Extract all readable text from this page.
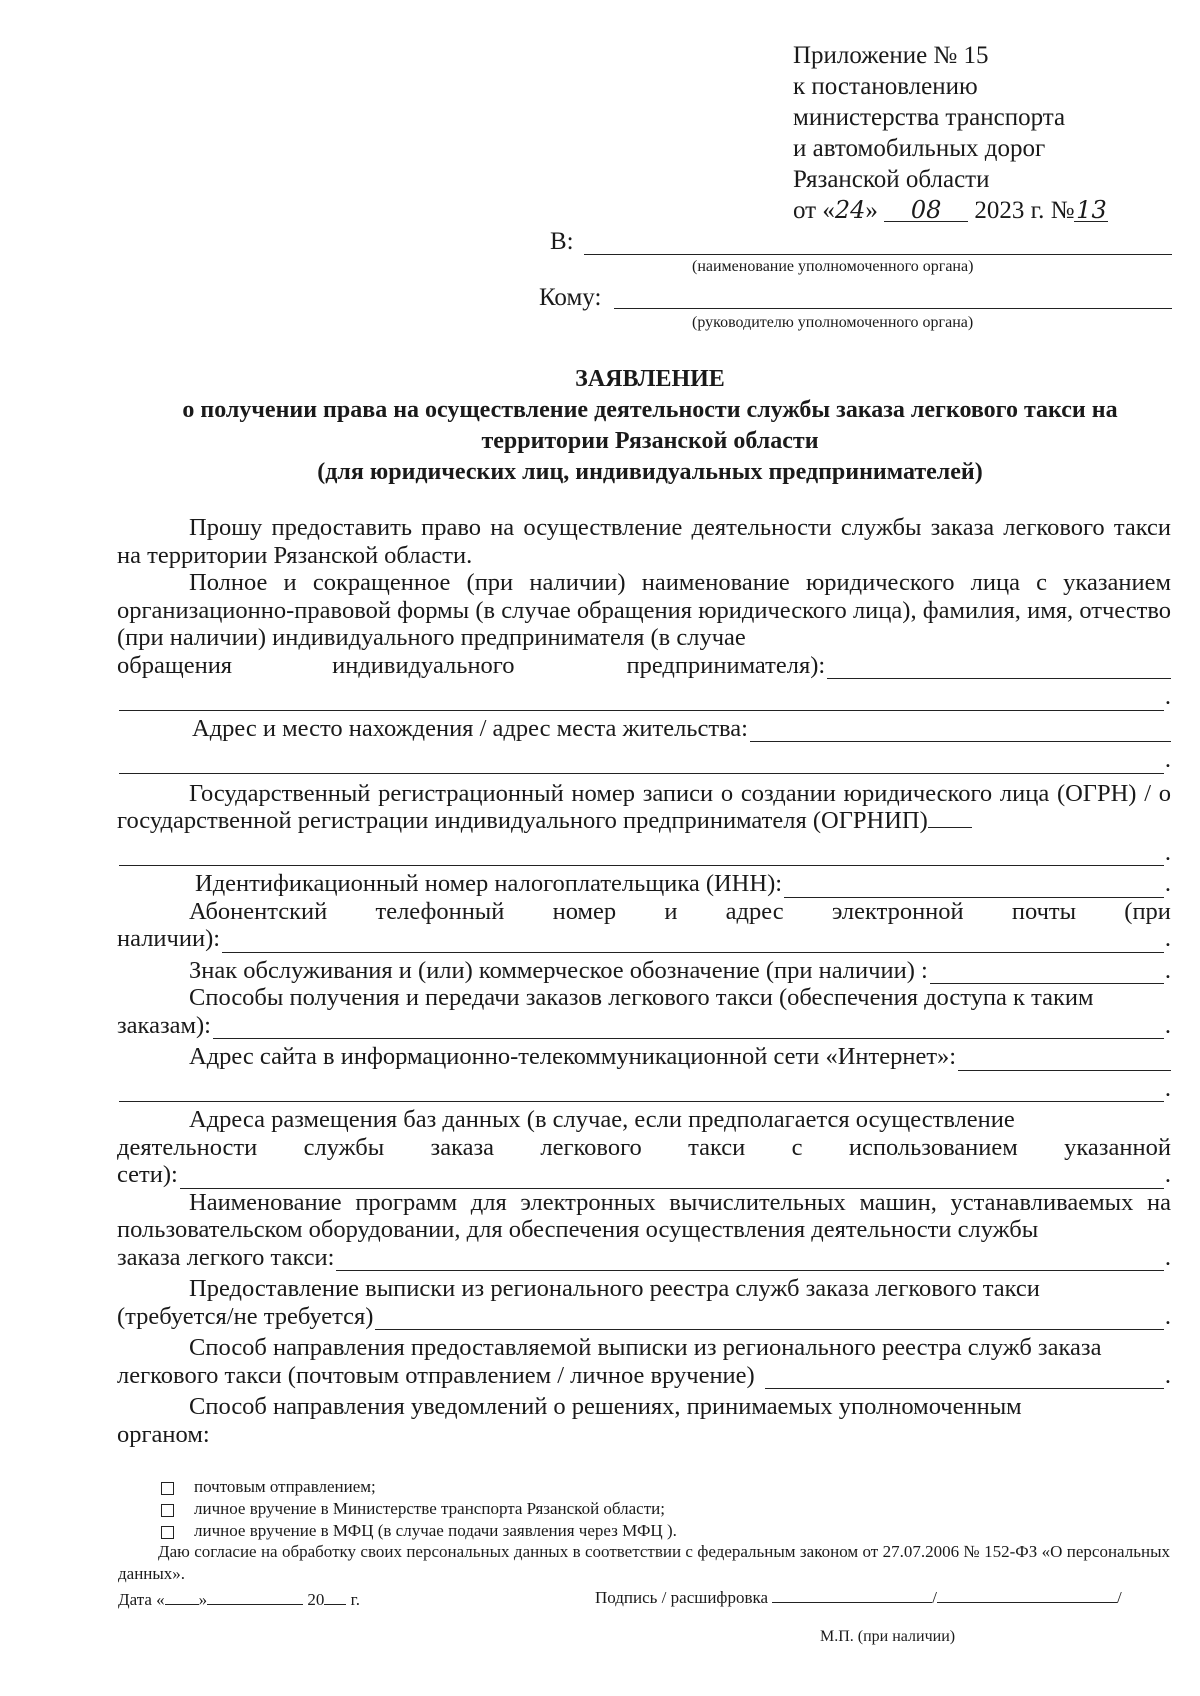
Приложение № 15
к постановлению
министерства транспорта
и автомобильных дорог
Рязанской области
от «24» 08 2023 г. №13
В:
(наименование уполномоченного органа)
Кому:
(руководителю уполномоченного органа)
ЗАЯВЛЕНИЕ
о получении права на осуществление деятельности службы заказа легкового такси на
территории Рязанской области
(для юридических лиц, индивидуальных предпринимателей)

Прошу предоставить право на осуществление деятельности службы заказа легкового такси на территории Рязанской области.

Полное и сокращенное (при наличии) наименование юридического лица с указанием организационно-правовой формы (в случае обращения юридического лица), фамилия, имя, отчество (при наличии) индивидуального предпринимателя (в случае

обращения	индивидуального	предпринимателя):
.
Адрес и место нахождения / адрес места жительства:
.

Государственный регистрационный номер записи о создании юридического лица (ОГРН) / о государственной регистрации индивидуального предпринимателя (ОГРНИП)

.
Идентификационный номер налогоплательщика (ИНН):	.
Абонентский телефонный номер и адрес электронной почты (при
наличии):	.
Знак обслуживания и (или) коммерческое обозначение (при наличии) :	.
Способы получения и передачи заказов легкового такси (обеспечения доступа к таким
заказам):	.
Адрес сайта в информационно-телекоммуникационной сети «Интернет»:
.
Адреса размещения баз данных (в случае, если предполагается осуществление
деятельности службы заказа легкового такси с использованием указанной
сети):	.

Наименование программ для электронных вычислительных машин, устанавливаемых на пользовательском оборудовании, для обеспечения осуществления деятельности службы

заказа легкого такси:	.
Предоставление выписки из регионального реестра служб заказа легкового такси
(требуется/не требуется)	.
Способ направления предоставляемой выписки из регионального реестра служб заказа
легкового такси (почтовым отправлением / личное вручение)	.
Способ направления уведомлений о решениях, принимаемых уполномоченным
органом:
почтовым отправлением;
личное вручение в Министерстве транспорта Рязанской области;
личное вручение в МФЦ (в случае подачи заявления через МФЦ ).
Даю согласие на обработку своих персональных данных в соответствии с федеральным законом от 27.07.2006 № 152-ФЗ «О персональных данных».
Дата « »	20 г.	Подпись / расшифровка	/	/
М.П. (при наличии)
